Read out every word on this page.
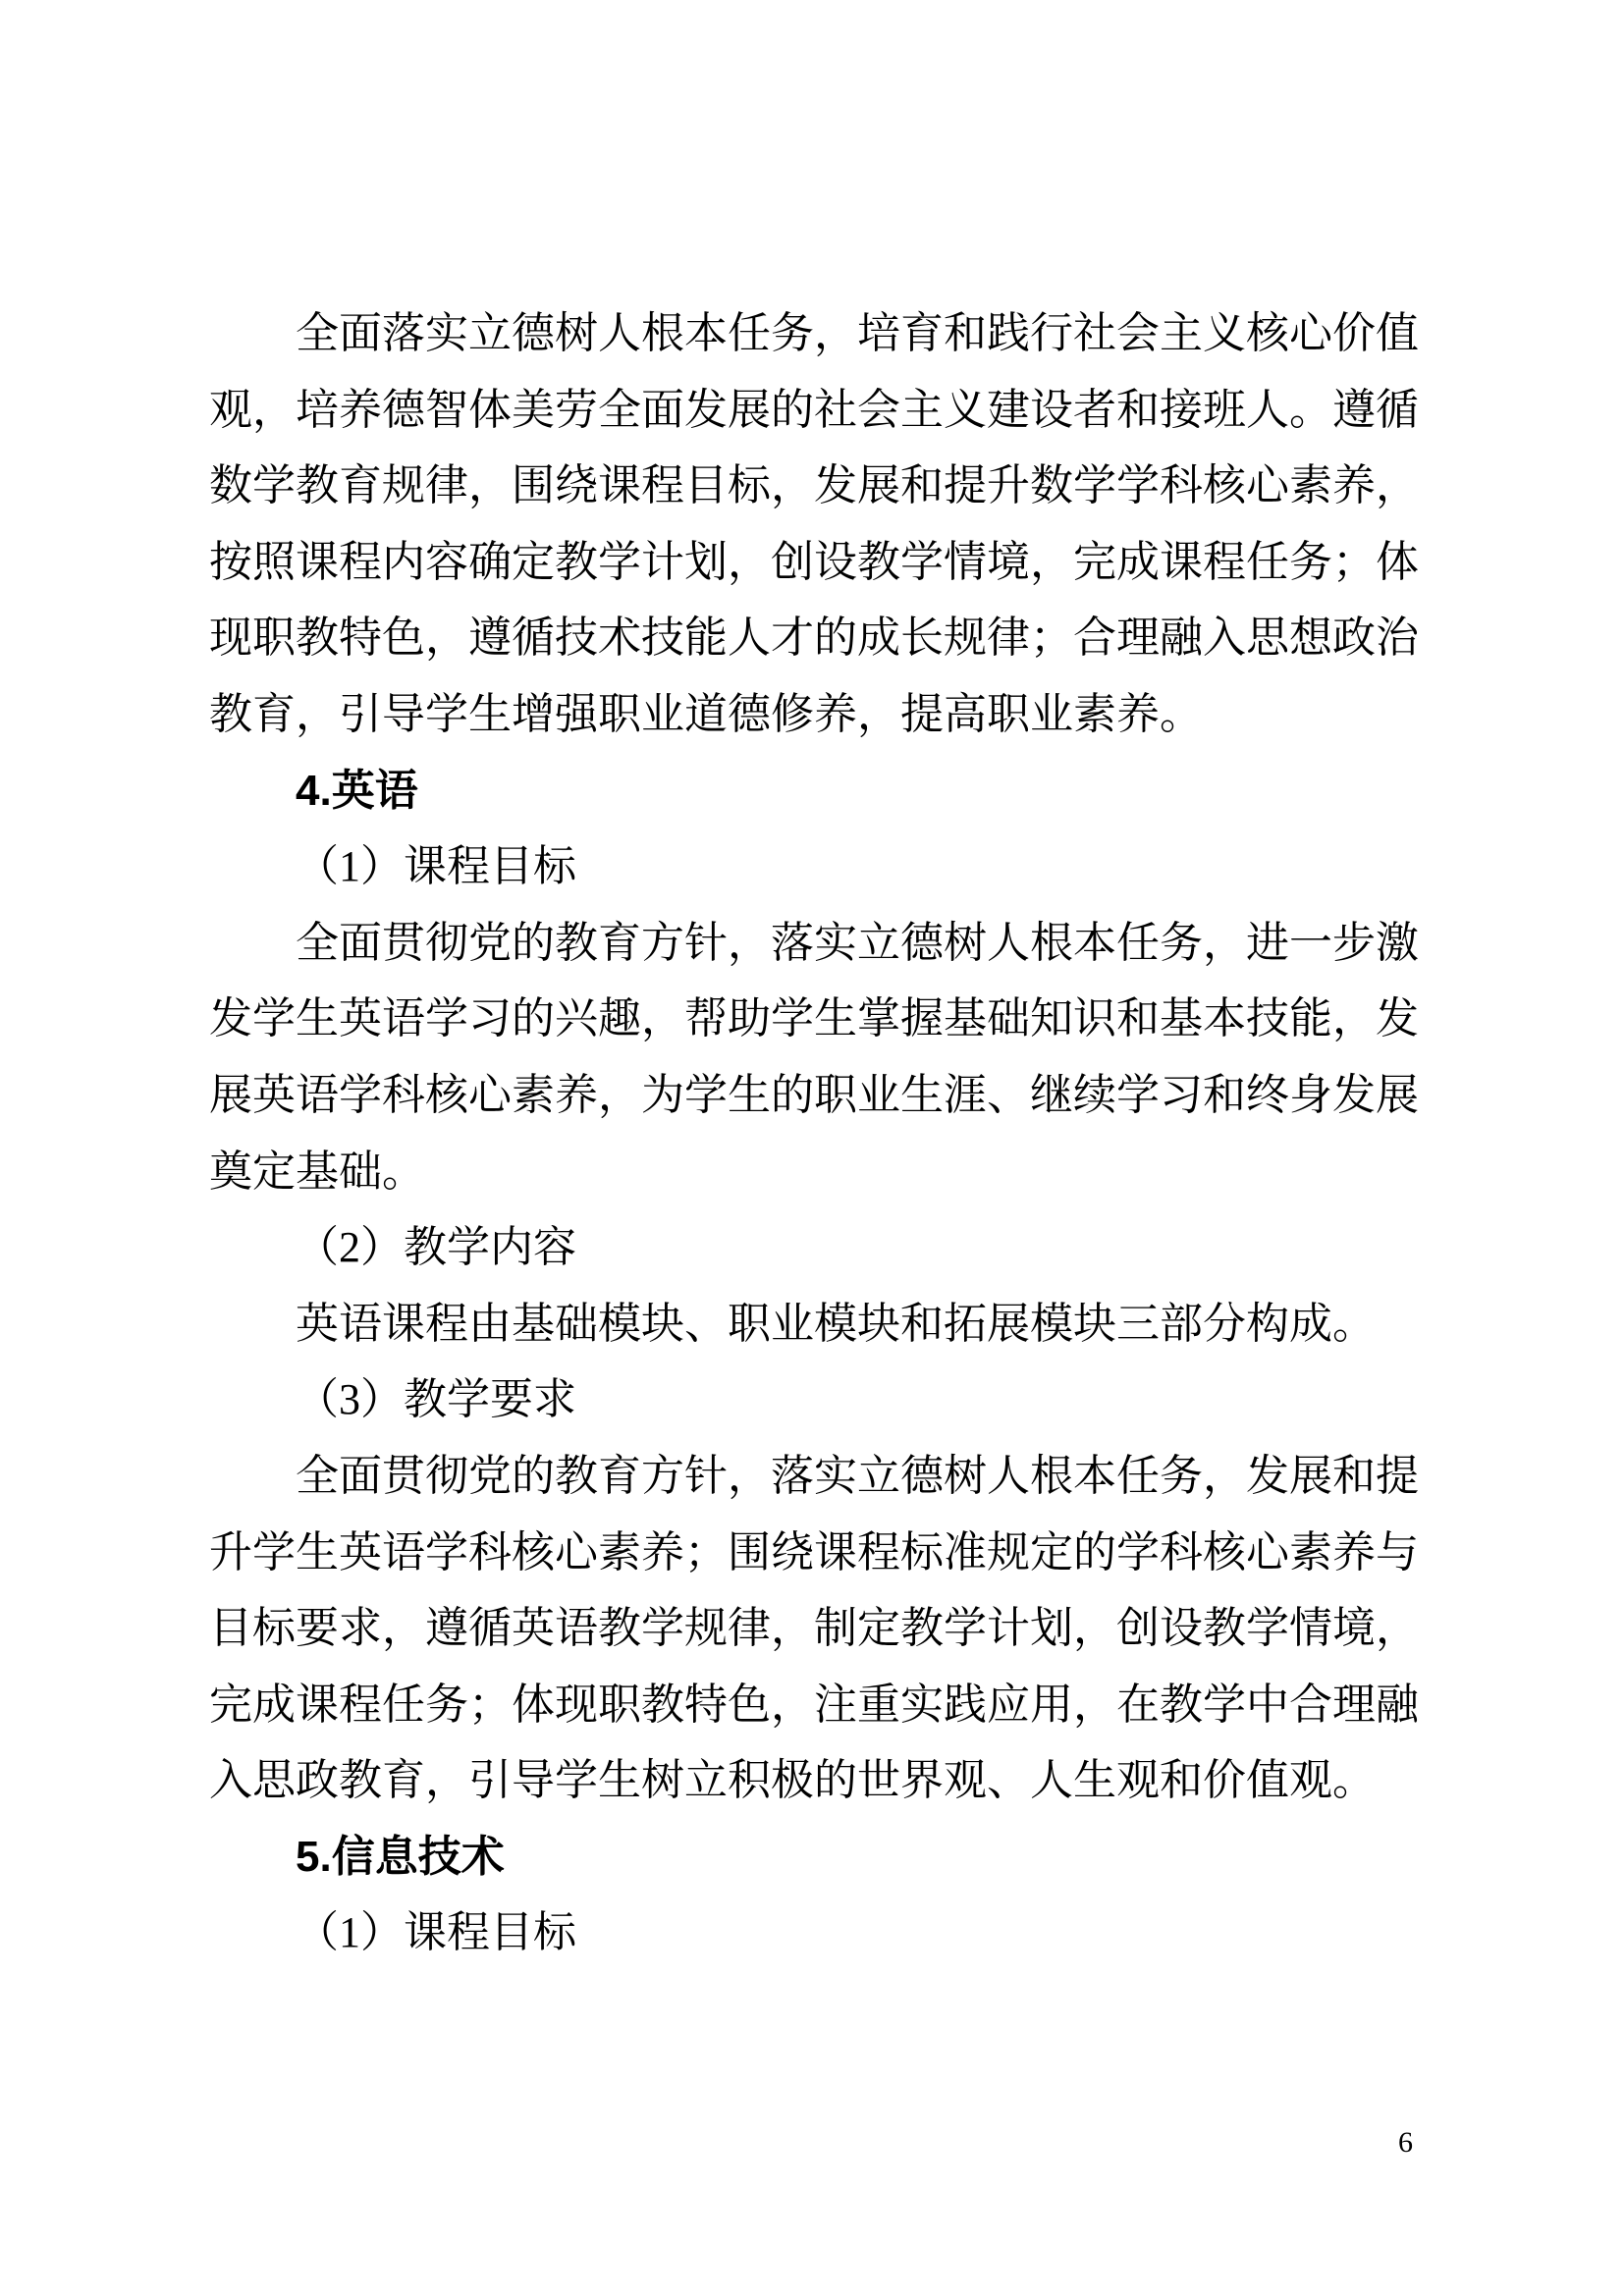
全面落实立德树人根本任务，培育和践行社会主义核心价值观，培养德智体美劳全面发展的社会主义建设者和接班人。遵循数学教育规律，围绕课程目标，发展和提升数学学科核心素养，按照课程内容确定教学计划，创设教学情境，完成课程任务；体现职教特色，遵循技术技能人才的成长规律；合理融入思想政治教育，引导学生增强职业道德修养，提高职业素养。

4.英语

（1）课程目标

全面贯彻党的教育方针，落实立德树人根本任务，进一步激发学生英语学习的兴趣，帮助学生掌握基础知识和基本技能，发展英语学科核心素养，为学生的职业生涯、继续学习和终身发展奠定基础。

（2）教学内容

英语课程由基础模块、职业模块和拓展模块三部分构成。

（3）教学要求

全面贯彻党的教育方针，落实立德树人根本任务，发展和提升学生英语学科核心素养；围绕课程标准规定的学科核心素养与目标要求，遵循英语教学规律，制定教学计划，创设教学情境，完成课程任务；体现职教特色，注重实践应用，在教学中合理融入思政教育，引导学生树立积极的世界观、人生观和价值观。

5.信息技术

（1）课程目标

6
